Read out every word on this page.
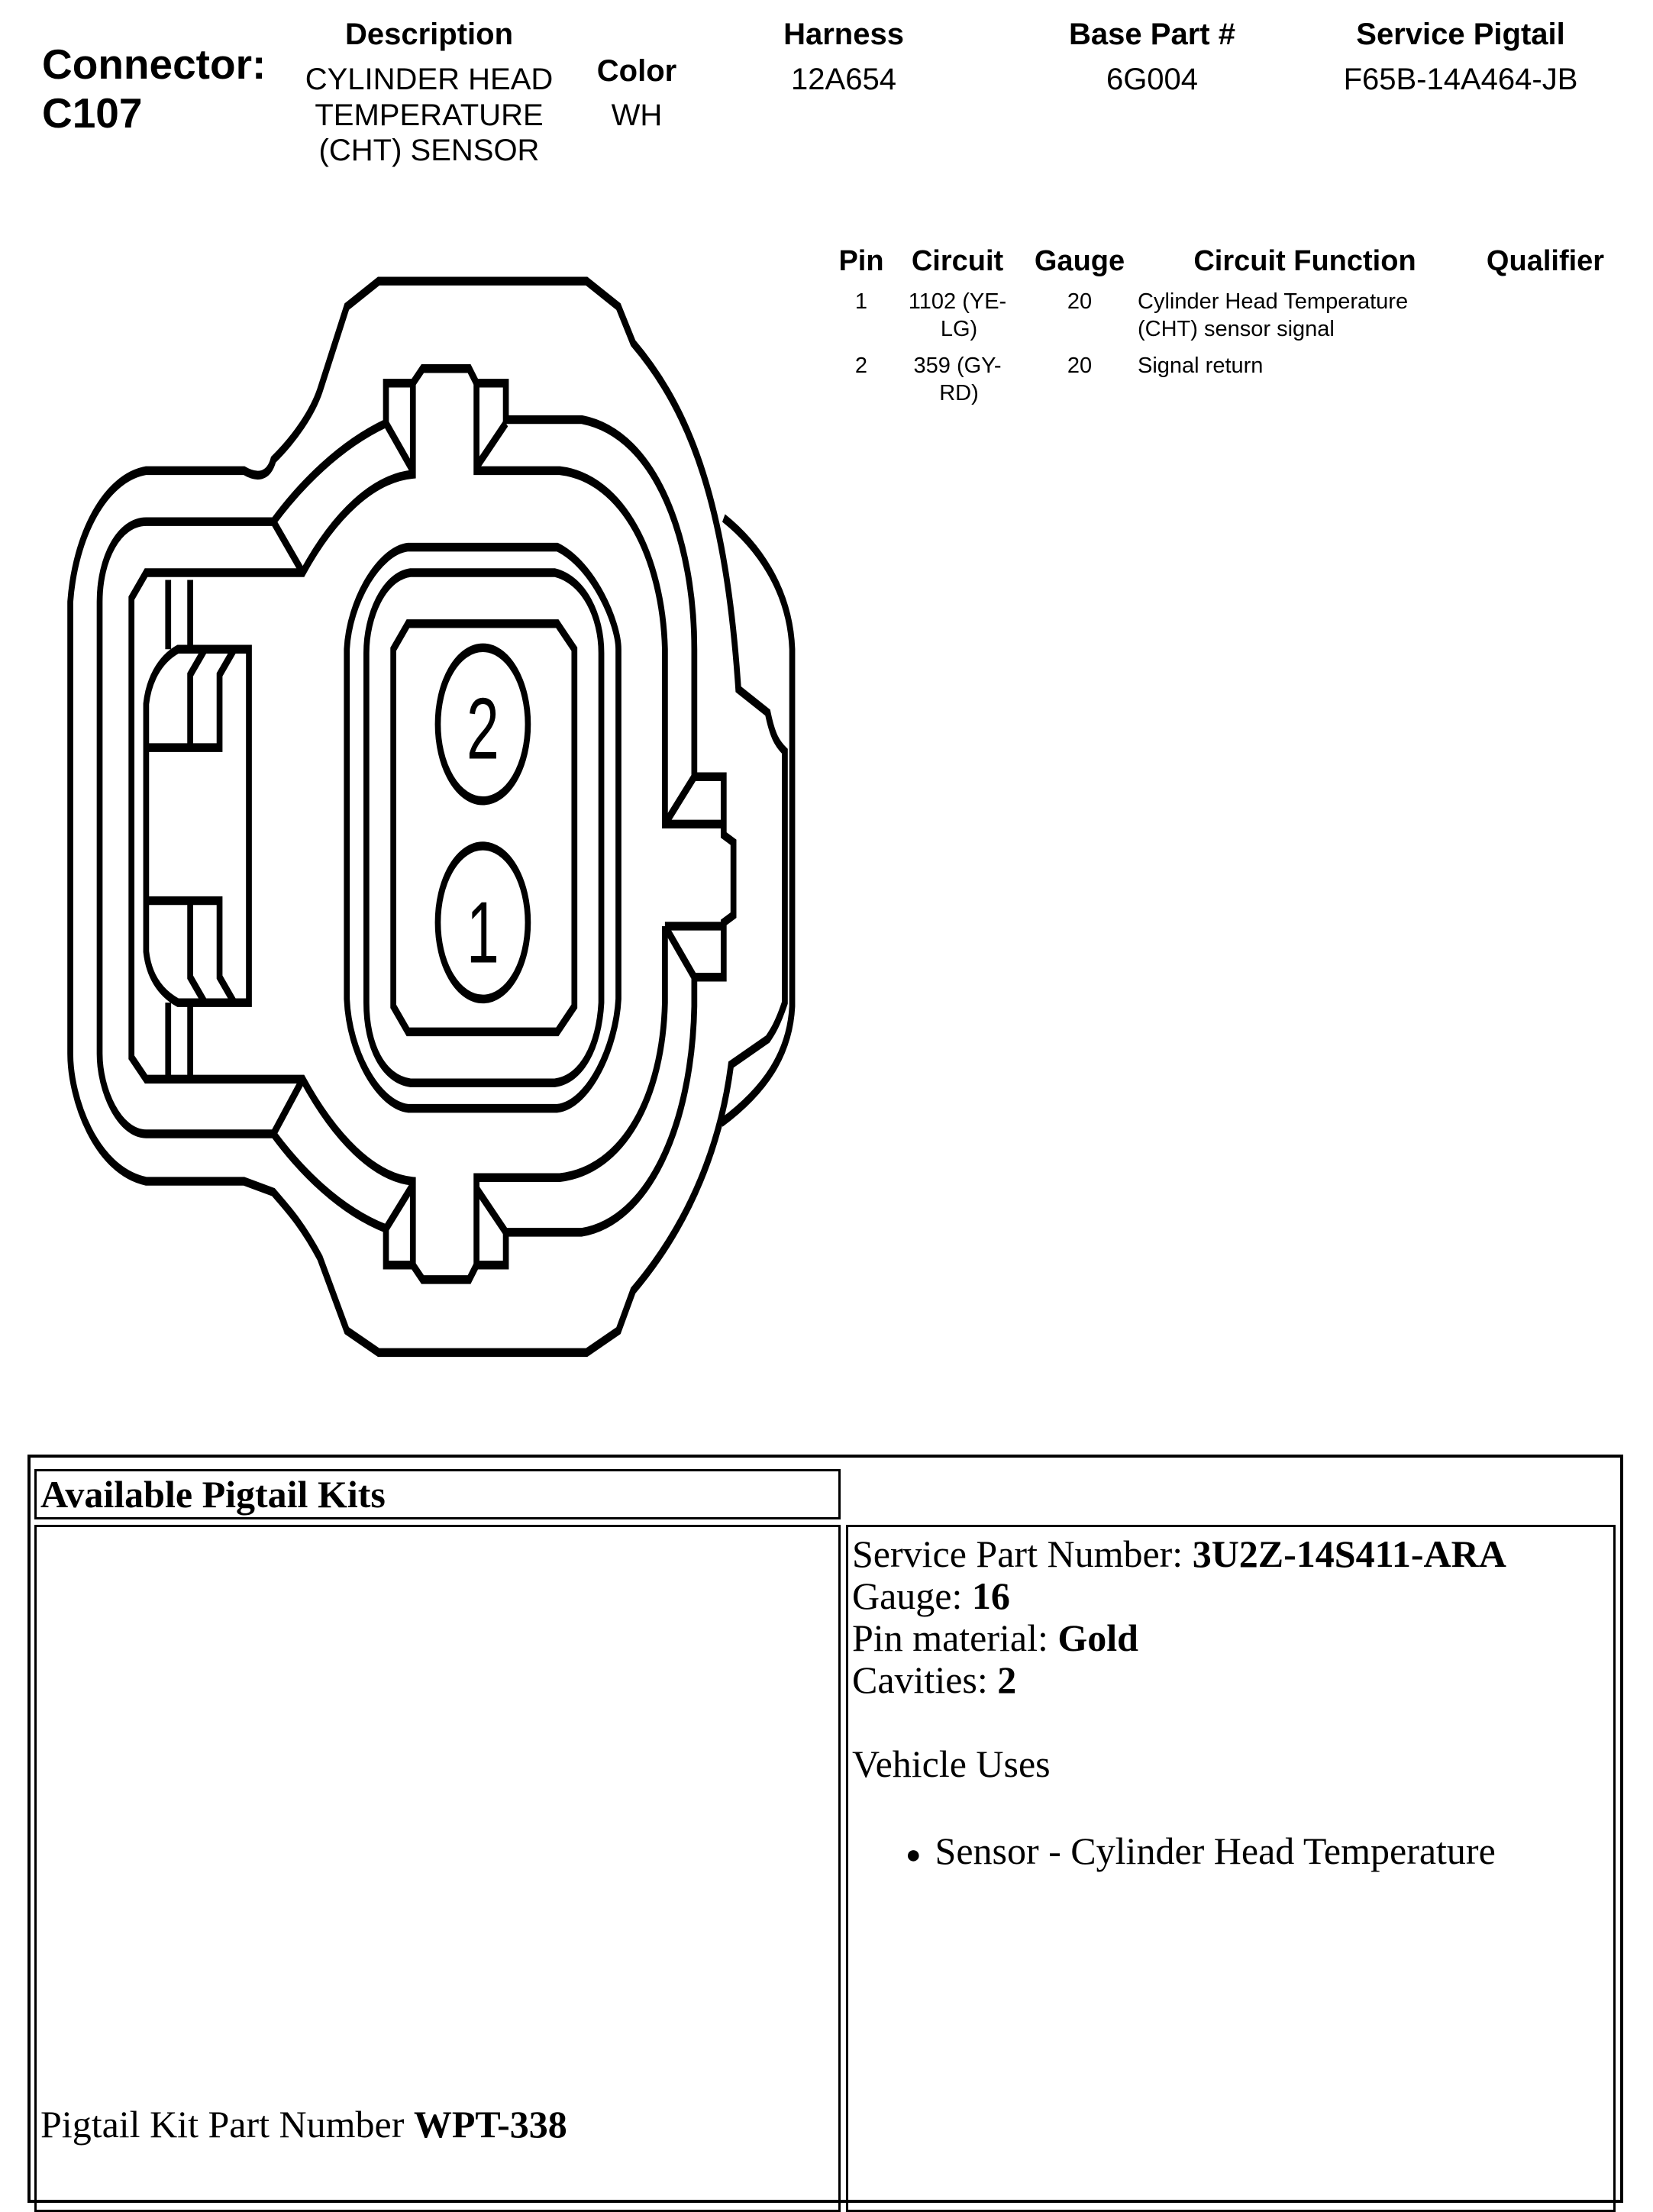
Connector:
C107
Description
CYLINDER HEAD
TEMPERATURE
(CHT) SENSOR
Color
WH
Harness
12A654
Base Part #
6G004
Service Pigtail
F65B-14A464-JB
Pin Circuit Gauge Circuit Function Qualifier
1 1102 (YE-
LG)
20 Cylinder Head Temperature
(CHT) sensor signal
2 359 (GY-
RD)
20 Signal return
2
1
Available Pigtail Kits
Pigtail Kit Part Number WPT-338
Service Part Number: 3U2Z-14S411-ARA
Gauge: 16
Pin material: Gold
Cavities: 2
Vehicle Uses
● Sensor - Cylinder Head Temperature
